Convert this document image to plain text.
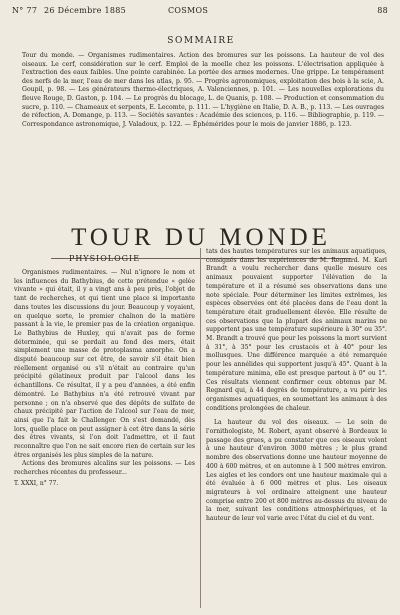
N° 77 26 Décembre 1885	COSMOS	88
SOMMAIRE

Tour du monde. — Organismes rudimentaires. Action des bromures sur les poissons. La hauteur de vol des oiseaux. Le cerf, considération sur le cerf. Emploi de la moelle chez les poissons. L'électrisation appliquée à l'extraction des eaux faibles. Une pointe carabinée. La portée des armes modernes. Une grippe. Le tempérament des nerfs de la mer, l'eau de mer dans les atlas, p. 95. — Progrès agronomiques, exploitation des bois à la scie, A. Goupil, p. 98. — Les générateurs thermo-électriques, A. Valenciennes, p. 101. — Les nouvelles explorations du fleuve Rouge, D. Gaston, p. 104. — Le progrès du blocage, L. de Quanis, p. 108. — Production et consommation du sucre, p. 110. — Chameaux et serpents, E. Lecomte, p. 111. — L'hygiène en Italie, D. A. B., p. 113. — Les ouvrages de réfection, A. Domange, p. 113. — Sociétés savantes : Académie des sciences, p. 116. — Bibliographie, p. 119. — Correspondance astronomique, J. Valadoux, p. 122. — Éphémérides pour le mois de janvier 1886, p. 123.

TOUR DU MONDE
PHYSIOLOGIE

Organismes rudimentaires. — Nul n'ignore le nom et les influences du Bathybius, de cette prétendue « gelée vivante » qui était, il y a vingt ans à peu près, l'objet de tant de recherches, et qui tient une place si importante dans toutes les discussions du jour. Beaucoup y voyaient, en quelque sorte, le premier chaînon de la matière passant à la vie, le premier pas de la création organique. Le Bathybius de Huxley, qui n'avait pas de forme déterminée, qui se perdait au fond des mers, était simplement une masse de protoplasma amorphe. On a disputé beaucoup sur cet être, de savoir s'il était bien réellement organisé ou s'il n'était au contraire qu'un précipité gélatineux produit par l'alcool dans les échantillons. Ce résultat, il y a peu d'années, a été enfin démontré. Le Bathybius n'a été retrouvé vivant par personne ; on n'a observé que des dépôts de sulfate de chaux précipité par l'action de l'alcool sur l'eau de mer, ainsi que l'a fait le Challenger. On s'est demandé, dès lors, quelle place on peut assigner à cet être dans la série des êtres vivants, si l'on doit l'admettre, et il faut reconnaître que l'on ne sait encore rien de certain sur les êtres organisés les plus simples de la nature.

Actions des bromures alcalins sur les poissons. — Les recherches récentes du professeur...

T. XXXI, n° 77.

tats des hautes températures sur les animaux aquatiques, consignés dans les expériences de M. Regnard. M. Karl Brandt a voulu rechercher dans quelle mesure ces animaux pouvaient supporter l'élévation de la température et il a résumé ses observations dans une note spéciale. Pour déterminer les limites extrêmes, les espèces observées ont été placées dans de l'eau dont la température était graduellement élevée. Elle résulte de ces observations que la plupart des animaux marins ne supportent pas une température supérieure à 30° ou 35°. M. Brandt a trouvé que pour les poissons la mort survient à 31°, à 35° pour les crustacés et à 40° pour les mollusques. Une différence marquée a été remarquée pour les annélides qui supportent jusqu'à 45°. Quant à la température minima, elle est presque partout à 0° ou 1°. Ces résultats viennent confirmer ceux obtenus par M. Regnard qui, à 44 degrés de température, a vu périr les organismes aquatiques, en soumettant les animaux à des conditions prolongées de chaleur.

La hauteur du vol des oiseaux. — Le soin de l'ornithologiste, M. Robert, ayant observé à Bordeaux le passage des grues, a pu constater que ces oiseaux volent à une hauteur d'environ 3000 mètres ; le plus grand nombre des observations donne une hauteur moyenne de 400 à 600 mètres, et en automne à 1 500 mètres environ. Les aigles et les condors ont une hauteur maximale qui a été évaluée à 6 000 mètres et plus. Les oiseaux migrateurs à vol ordinaire atteignent une hauteur comprise entre 200 et 800 mètres au-dessus du niveau de la mer, suivant les conditions atmosphériques, et la hauteur de leur vol varie avec l'état du ciel et du vent.
